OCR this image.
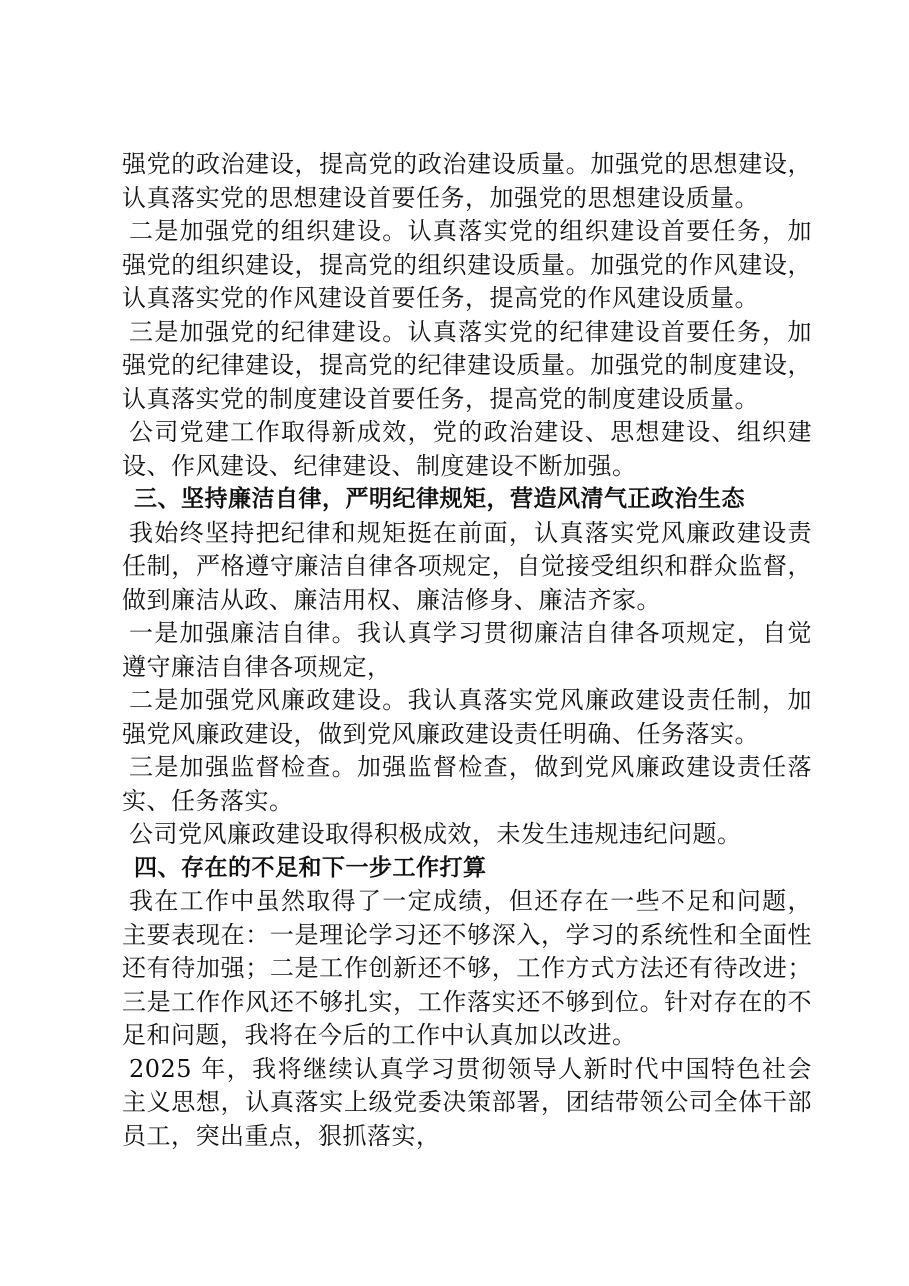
强党的政治建设，提高党的政治建设质量。加强党的思想建设，认真落实党的思想建设首要任务，加强党的思想建设质量。

二是加强党的组织建设。认真落实党的组织建设首要任务，加强党的组织建设，提高党的组织建设质量。加强党的作风建设，认真落实党的作风建设首要任务，提高党的作风建设质量。

三是加强党的纪律建设。认真落实党的纪律建设首要任务，加强党的纪律建设，提高党的纪律建设质量。加强党的制度建设，认真落实党的制度建设首要任务，提高党的制度建设质量。

公司党建工作取得新成效，党的政治建设、思想建设、组织建设、作风建设、纪律建设、制度建设不断加强。

三、坚持廉洁自律，严明纪律规矩，营造风清气正政治生态

我始终坚持把纪律和规矩挺在前面，认真落实党风廉政建设责任制，严格遵守廉洁自律各项规定，自觉接受组织和群众监督，做到廉洁从政、廉洁用权、廉洁修身、廉洁齐家。

一是加强廉洁自律。我认真学习贯彻廉洁自律各项规定，自觉遵守廉洁自律各项规定，

二是加强党风廉政建设。我认真落实党风廉政建设责任制，加强党风廉政建设，做到党风廉政建设责任明确、任务落实。

三是加强监督检查。加强监督检查，做到党风廉政建设责任落实、任务落实。

公司党风廉政建设取得积极成效，未发生违规违纪问题。

四、存在的不足和下一步工作打算

我在工作中虽然取得了一定成绩，但还存在一些不足和问题，主要表现在：一是理论学习还不够深入，学习的系统性和全面性还有待加强；二是工作创新还不够，工作方式方法还有待改进；三是工作作风还不够扎实，工作落实还不够到位。针对存在的不足和问题，我将在今后的工作中认真加以改进。

2025 年，我将继续认真学习贯彻领导人新时代中国特色社会主义思想，认真落实上级党委决策部署，团结带领公司全体干部员工，突出重点，狠抓落实，
